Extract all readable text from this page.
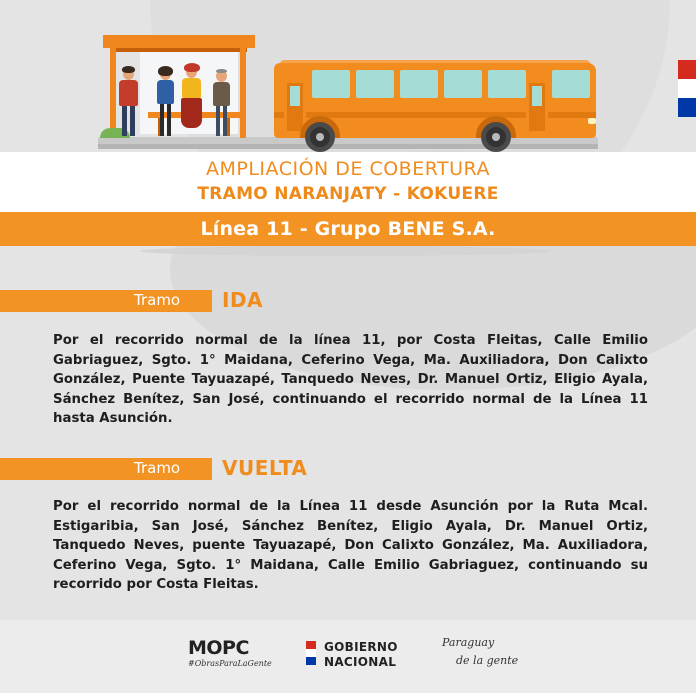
AMPLIACIÓN DE COBERTURA
TRAMO NARANJATY - KOKUERE
Línea 11 - Grupo BENE S.A.
Tramo IDA
Por el recorrido normal de la línea 11, por Costa Fleitas, Calle Emilio Gabriaguez, Sgto. 1° Maidana, Ceferino Vega, Ma. Auxiliadora, Don Calixto González, Puente Tayuazapé, Tanquedo Neves, Dr. Manuel Ortiz, Eligio Ayala, Sánchez Benítez, San José, continuando el recorrido normal de la Línea 11 hasta Asunción.
Tramo VUELTA
Por el recorrido normal de la Línea 11 desde Asunción por la Ruta Mcal. Estigaribia, San José, Sánchez Benítez, Eligio Ayala, Dr. Manuel Ortiz, Tanquedo Neves, puente Tayuazapé, Don Calixto González, Ma. Auxiliadora, Ceferino Vega, Sgto. 1° Maidana, Calle Emilio Gabriaguez, continuando su recorrido por Costa Fleitas.
MOPC
#ObrasParaLaGente
GOBIERNO
NACIONAL
Paraguay
de la gente
